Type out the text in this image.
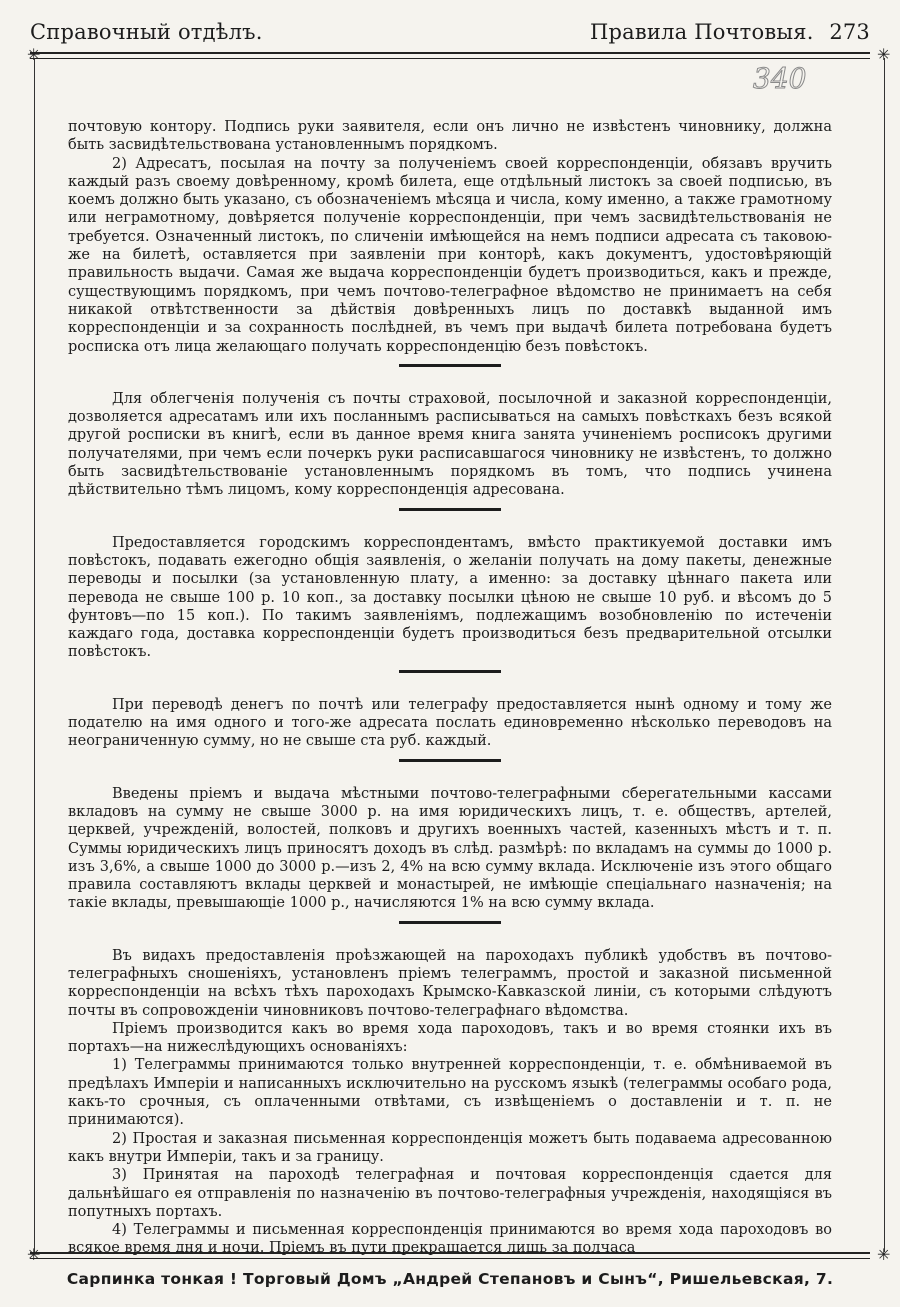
Справочный отдѣлъ.	Правила Почтовыя. 273
✳	✳
✳	✳
340

почтовую контору. Подпись руки заявителя, если онъ лично не извѣстенъ чиновнику, должна быть засвидѣтельствована установленнымъ порядкомъ.

2) Адресатъ, посылая на почту за полученіемъ своей корреспонденціи, обязавъ вручить каждый разъ своему довѣренному, кромѣ билета, еще отдѣльный листокъ за своей подписью, въ коемъ должно быть указано, съ обозначеніемъ мѣсяца и числа, кому именно, а также грамотному или неграмотному, довѣряется полученіе корреспонденціи, при чемъ засвидѣтельствованія не требуется. Означенный листокъ, по сличеніи имѣющейся на немъ подписи адресата съ таковою-же на билетѣ, оставляется при заявленіи при конторѣ, какъ документъ, удостовѣряющій правильность выдачи. Самая же выдача корреспонденціи будетъ производиться, какъ и прежде, существующимъ порядкомъ, при чемъ почтово-телеграфное вѣдомство не принимаетъ на себя никакой отвѣтственности за дѣйствія довѣренныхъ лицъ по доставкѣ выданной имъ корреспонденціи и за сохранность послѣдней, въ чемъ при выдачѣ билета потребована будетъ росписка отъ лица желающаго получать корреспонденцію безъ повѣстокъ.

Для облегченія полученія съ почты страховой, посылочной и заказной корреспонденціи, дозволяется адресатамъ или ихъ посланнымъ расписываться на самыхъ повѣсткахъ безъ всякой другой росписки въ книгѣ, если въ данное время книга занята учиненіемъ росписокъ другими получателями, при чемъ если почеркъ руки расписавшагося чиновнику не извѣстенъ, то должно быть засвидѣтельствованіе установленнымъ порядкомъ въ томъ, что подпись учинена дѣйствительно тѣмъ лицомъ, кому корреспонденція адресована.

Предоставляется городскимъ корреспондентамъ, вмѣсто практикуемой доставки имъ повѣстокъ, подавать ежегодно общія заявленія, о желаніи получать на дому пакеты, денежные переводы и посылки (за установленную плату, а именно: за доставку цѣннаго пакета или перевода не свыше 100 р. 10 коп., за доставку посылки цѣною не свыше 10 руб. и вѣсомъ до 5 фунтовъ—по 15 коп.). По такимъ заявленіямъ, подлежащимъ возобновленію по истеченіи каждаго года, доставка корреспонденціи будетъ производиться безъ предварительной отсылки повѣстокъ.

При переводѣ денегъ по почтѣ или телеграфу предоставляется нынѣ одному и тому же подателю на имя одного и того-же адресата послать единовременно нѣсколько переводовъ на неограниченную сумму, но не свыше ста руб. каждый.

Введены пріемъ и выдача мѣстными почтово-телеграфными сберегательными кассами вкладовъ на сумму не свыше 3000 р. на имя юридическихъ лицъ, т. е. обществъ, артелей, церквей, учрежденій, волостей, полковъ и другихъ военныхъ частей, казенныхъ мѣстъ и т. п. Суммы юридическихъ лицъ приносятъ доходъ въ слѣд. размѣрѣ: по вкладамъ на суммы до 1000 р. изъ 3,6%, а свыше 1000 до 3000 р.—изъ 2, 4% на всю сумму вклада. Исключеніе изъ этого общаго правила составляютъ вклады церквей и монастырей, не имѣющіе спеціальнаго назначенія; на такіе вклады, превышающіе 1000 р., начисляются 1% на всю сумму вклада.

Въ видахъ предоставленія проѣзжающей на пароходахъ публикѣ удобствъ въ почтово-телеграфныхъ сношеніяхъ, установленъ пріемъ телеграммъ, простой и заказной письменной корреспонденціи на всѣхъ тѣхъ пароходахъ Крымско-Кавказской линіи, съ которыми слѣдуютъ почты въ сопровожденіи чиновниковъ почтово-телеграфнаго вѣдомства.

Пріемъ производится какъ во время хода пароходовъ, такъ и во время стоянки ихъ въ портахъ—на нижеслѣдующихъ основаніяхъ:

1) Телеграммы принимаются только внутренней корреспонденціи, т. е. обмѣниваемой въ предѣлахъ Имперіи и написанныхъ исключительно на русскомъ языкѣ (телеграммы особаго рода, какъ-то срочныя, съ оплаченными отвѣтами, съ извѣщеніемъ о доставленіи и т. п. не принимаются).

2) Простая и заказная письменная корреспонденція можетъ быть подаваема адресованною какъ внутри Имперіи, такъ и за границу.

3) Принятая на пароходѣ телеграфная и почтовая корреспонденція сдается для дальнѣйшаго ея отправленія по назначенію въ почтово-телеграфныя учрежденія, находящіяся въ попутныхъ портахъ.

4) Телеграммы и письменная корреспонденція принимаются во время хода пароходовъ во всякое время дня и ночи. Пріемъ въ пути прекращается лишь за полчаса

Сарпинка тонкая ! Торговый Домъ „Андрей Степановъ и Сынъ“, Ришельевская, 7.
